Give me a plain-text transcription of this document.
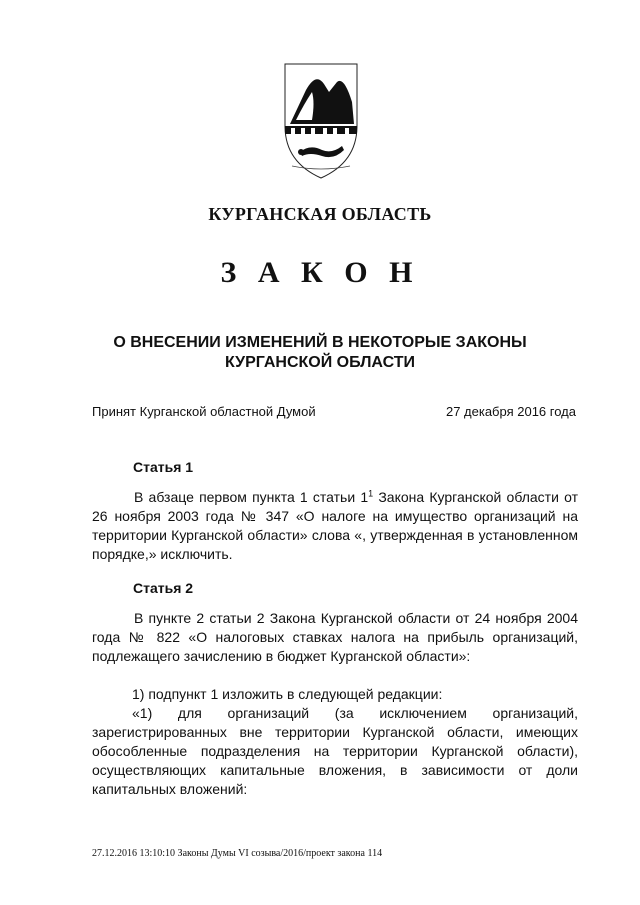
КУРГАНСКАЯ ОБЛАСТЬ
З А К О Н
О ВНЕСЕНИИ ИЗМЕНЕНИЙ В НЕКОТОРЫЕ ЗАКОНЫ КУРГАНСКОЙ ОБЛАСТИ
Принят Курганской областной Думой	27 декабря 2016 года
Статья 1

В абзаце первом пункта 1 статьи $1^1$ Закона Курганской области от 26 ноября 2003 года № 347 «О налоге на имущество организаций на территории Курганской области» слова «, утвержденная в установленном порядке,» исключить.

Статья 2

В пункте 2 статьи 2 Закона Курганской области от 24 ноября 2004 года № 822 «О налоговых ставках налога на прибыль организаций, подлежащего зачислению в бюджет Курганской области»:

1) подпункт 1 изложить в следующей редакции:

«1) для организаций (за исключением организаций, зарегистрированных вне территории Курганской области, имеющих обособленные подразделения на территории Курганской области), осуществляющих капитальные вложения, в зависимости от доли капитальных вложений:

27.12.2016 13:10:10 Законы Думы VI созыва/2016/проект закона 114
